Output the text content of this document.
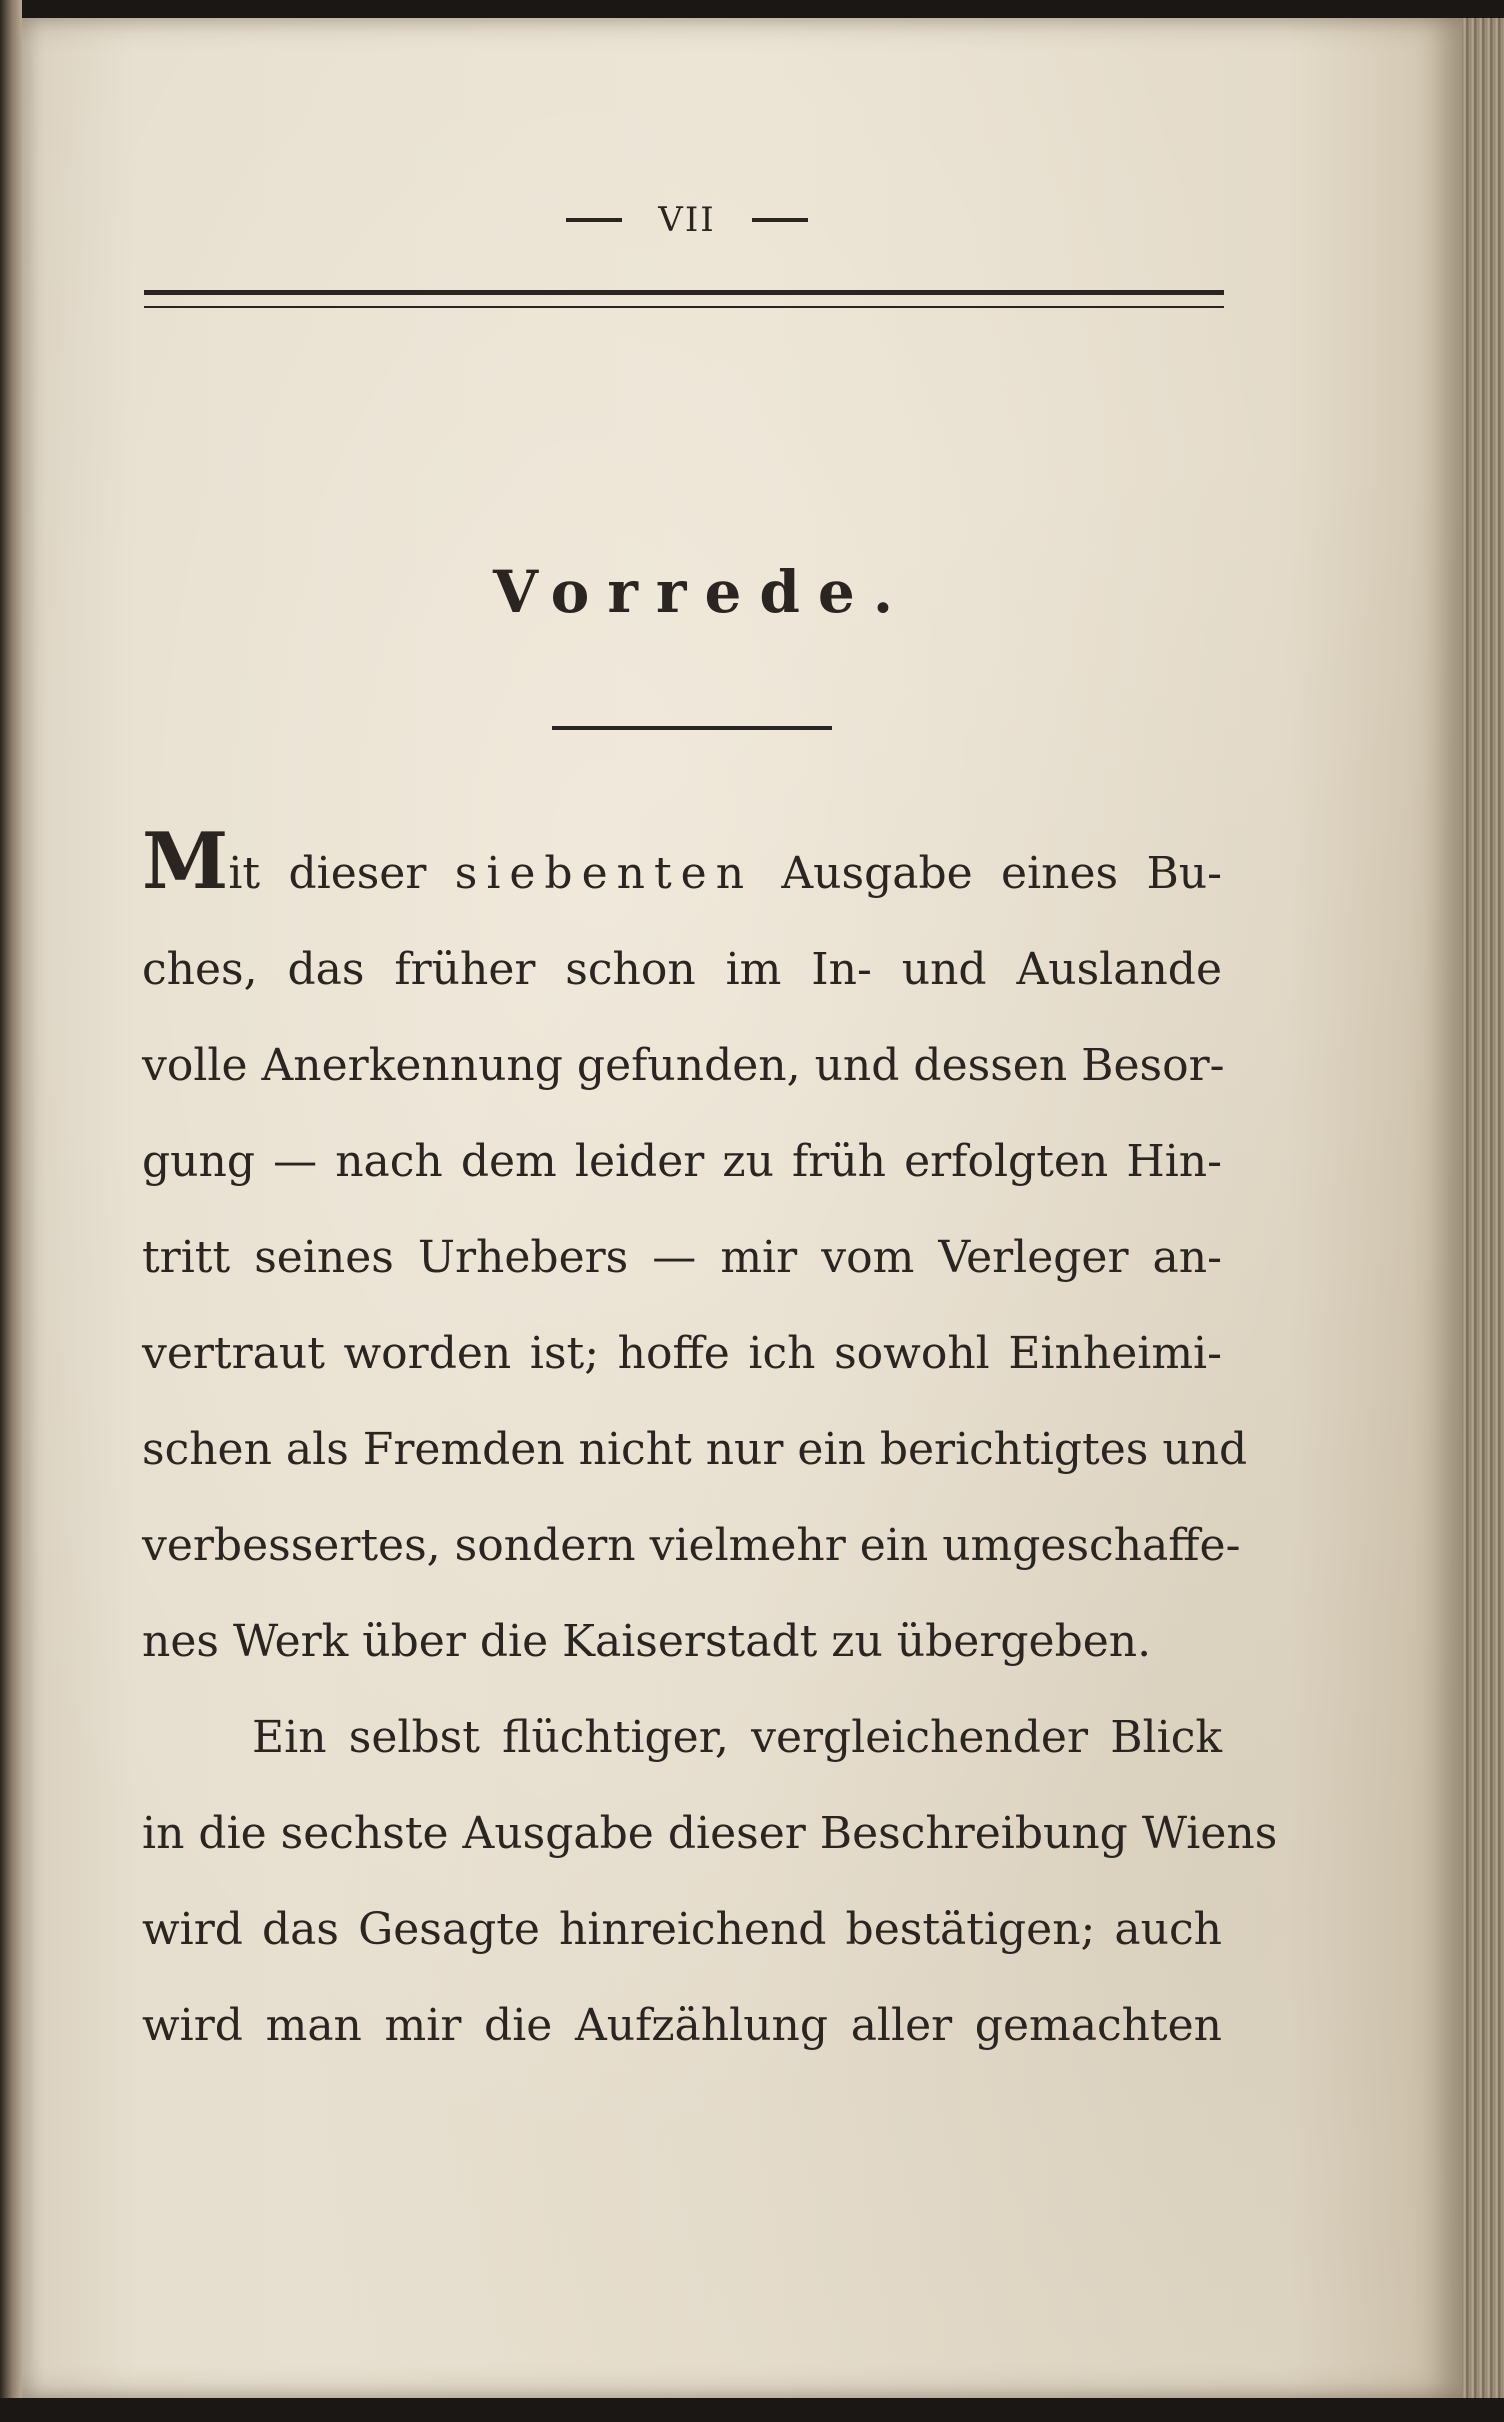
VII
Vorrede.
Mit dieser siebenten Ausgabe eines Bu-
ches, das früher schon im In- und Auslande
volle Anerkennung gefunden, und dessen Besor-
gung — nach dem leider zu früh erfolgten Hin-
tritt seines Urhebers — mir vom Verleger an-
vertraut worden ist; hoffe ich sowohl Einheimi-
schen als Fremden nicht nur ein berichtigtes und
verbessertes, sondern vielmehr ein umgeschaffe-
nes Werk über die Kaiserstadt zu übergeben.
Ein selbst flüchtiger, vergleichender Blick
in die sechste Ausgabe dieser Beschreibung Wiens
wird das Gesagte hinreichend bestätigen; auch
wird man mir die Aufzählung aller gemachten
